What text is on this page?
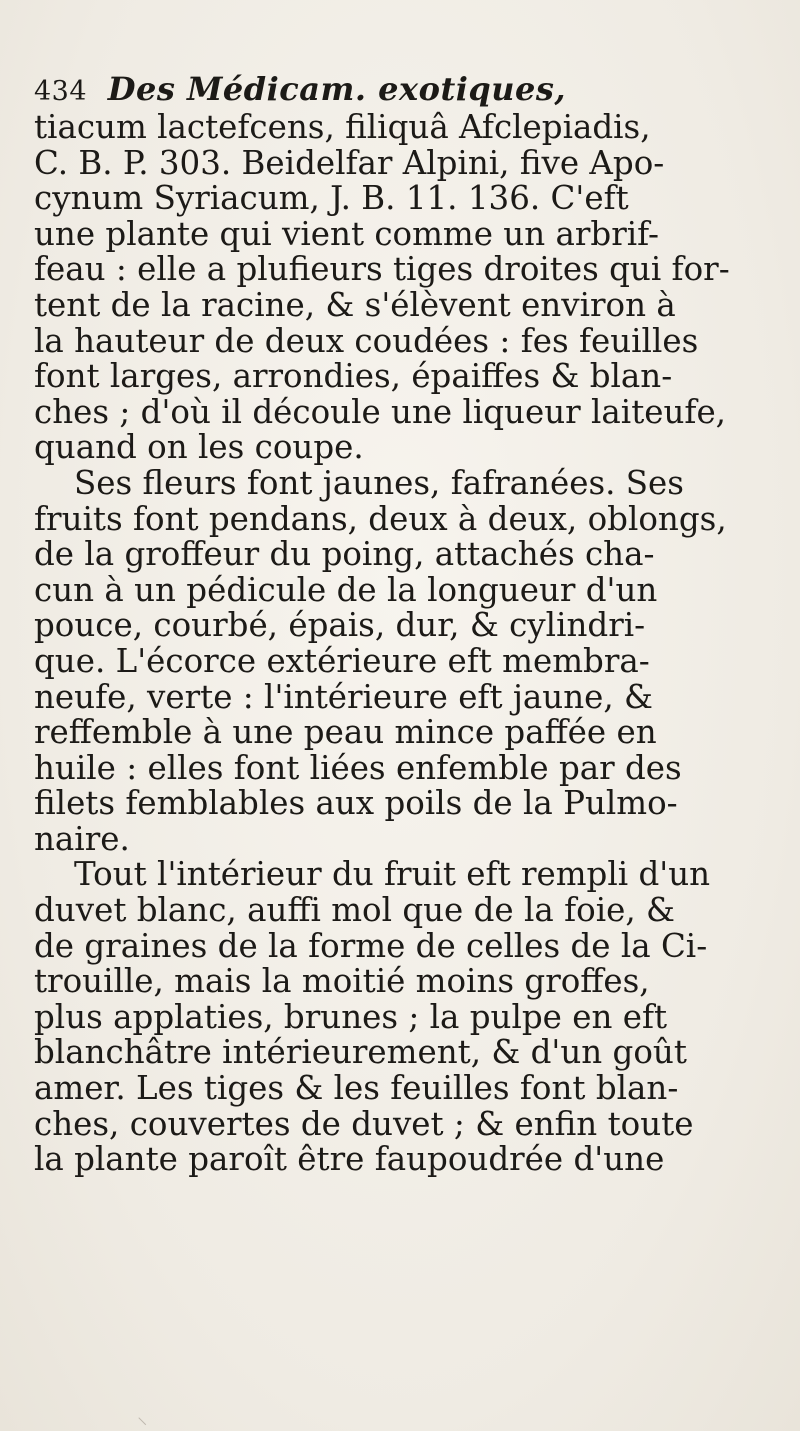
434 Des Médicam. exotiques,
tiacum lactefcens, filiquâ Afclepiadis,
C. B. P. 303. Beidelfar Alpini, five Apo-
cynum Syriacum, J. B. 11. 136. C'eft
une plante qui vient comme un arbrif-
feau : elle a plufieurs tiges droites qui for-
tent de la racine, & s'élèvent environ à
la hauteur de deux coudées : fes feuilles
font larges, arrondies, épaiffes & blan-
ches ; d'où il découle une liqueur laiteufe,
quand on les coupe.
Ses fleurs font jaunes, fafranées. Ses
fruits font pendans, deux à deux, oblongs,
de la groffeur du poing, attachés cha-
cun à un pédicule de la longueur d'un
pouce, courbé, épais, dur, & cylindri-
que. L'écorce extérieure eft membra-
neufe, verte : l'intérieure eft jaune, &
reffemble à une peau mince paffée en
huile : elles font liées enfemble par des
filets femblables aux poils de la Pulmo-
naire.
Tout l'intérieur du fruit eft rempli d'un
duvet blanc, auffi mol que de la foie, &
de graines de la forme de celles de la Ci-
trouille, mais la moitié moins groffes,
plus applaties, brunes ; la pulpe en eft
blanchâtre intérieurement, & d'un goût
amer. Les tiges & les feuilles font blan-
ches, couvertes de duvet ; & enfin toute
la plante paroît être faupoudrée d'une
